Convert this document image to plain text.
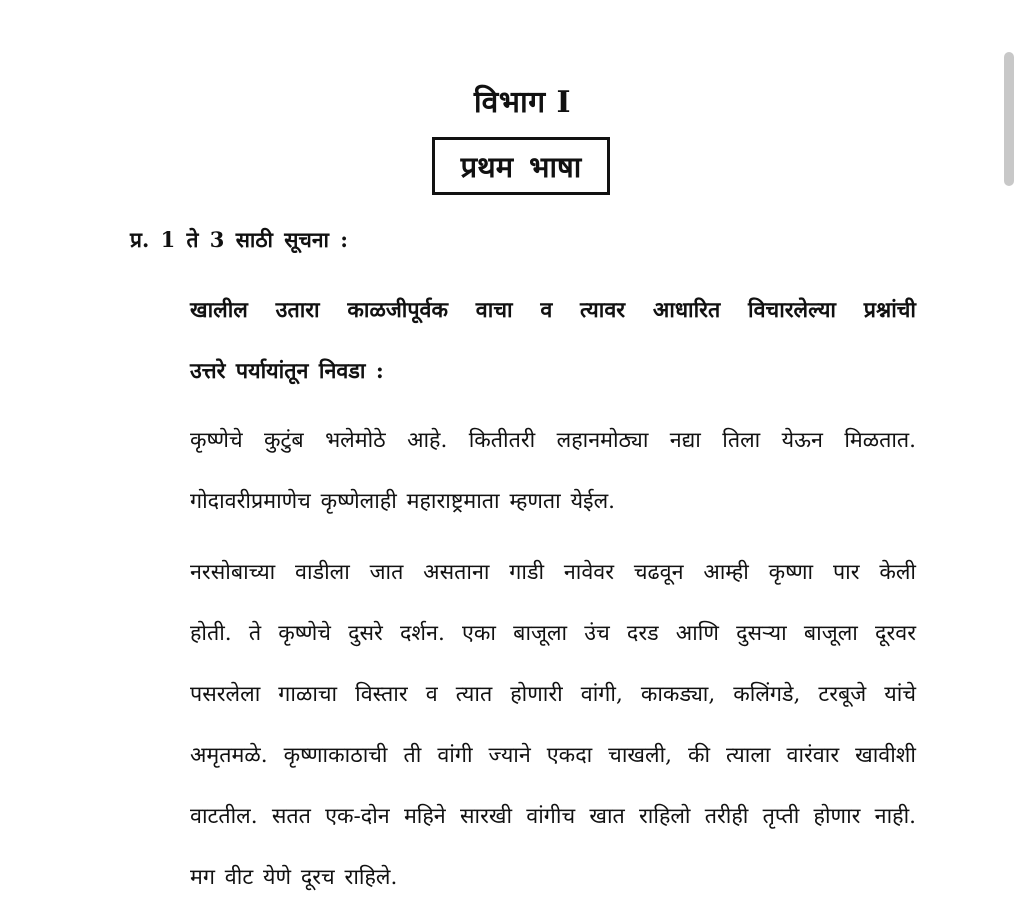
विभाग I
प्रथम भाषा
प्र. 1 ते 3 साठी सूचना :
खालील उतारा काळजीपूर्वक वाचा व त्यावर आधारित विचारलेल्या प्रश्नांची
उत्तरे पर्यायांतून निवडा :
कृष्णेचे कुटुंब भलेमोठे आहे. कितीतरी लहानमोठ्या नद्या तिला येऊन मिळतात.
गोदावरीप्रमाणेच कृष्णेलाही महाराष्ट्रमाता म्हणता येईल.
नरसोबाच्या वाडीला जात असताना गाडी नावेवर चढवून आम्ही कृष्णा पार केली
होती. ते कृष्णेचे दुसरे दर्शन. एका बाजूला उंच दरड आणि दुसऱ्या बाजूला दूरवर
पसरलेला गाळाचा विस्तार व त्यात होणारी वांगी, काकड्या, कलिंगडे, टरबूजे यांचे
अमृतमळे. कृष्णाकाठाची ती वांगी ज्याने एकदा चाखली, की त्याला वारंवार खावीशी
वाटतील. सतत एक-दोन महिने सारखी वांगीच खात राहिलो तरीही तृप्ती होणार नाही.
मग वीट येणे दूरच राहिले.
